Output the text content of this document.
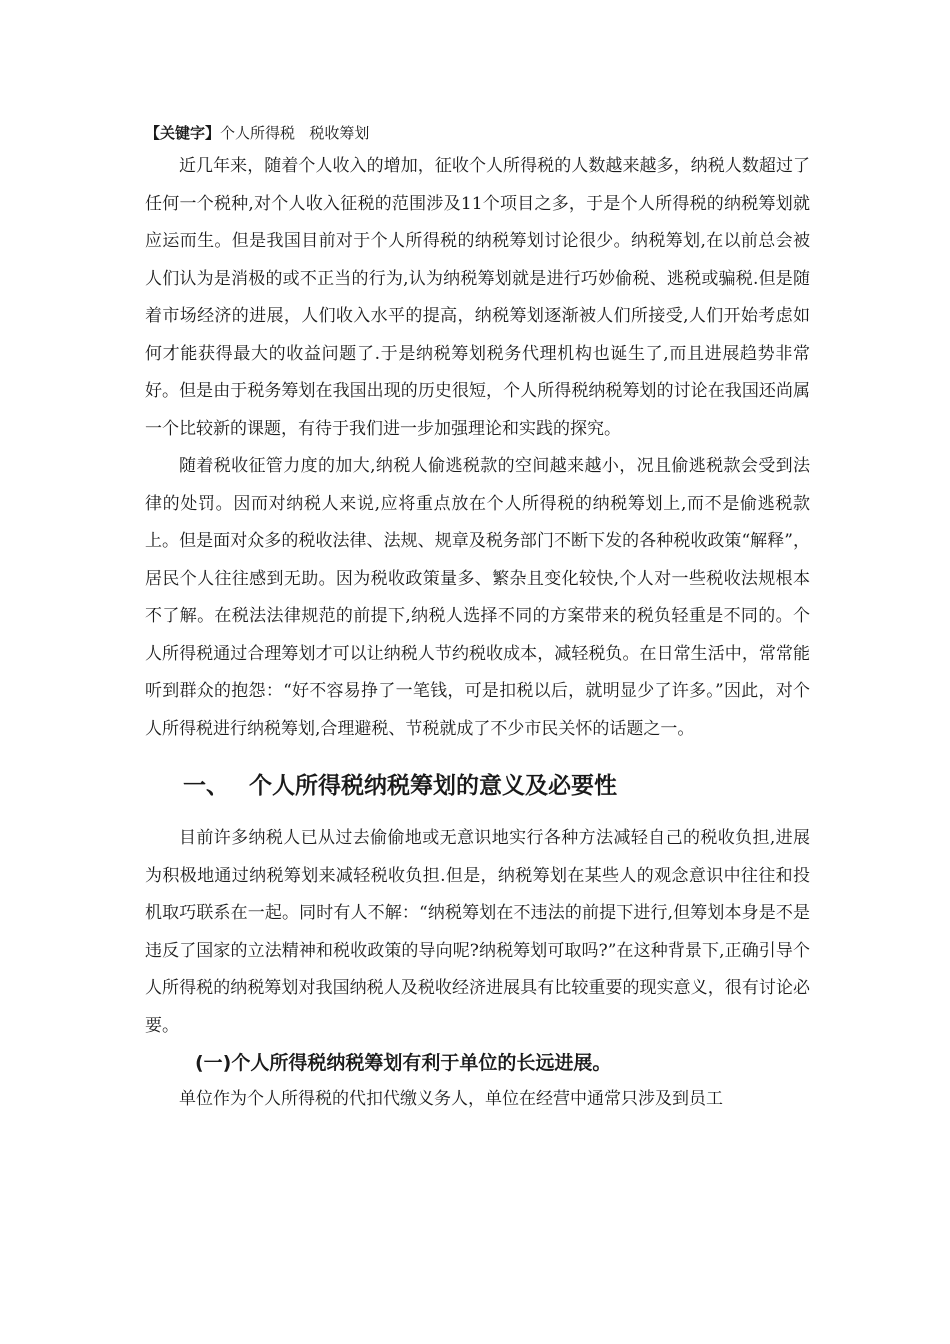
【关键字】个人所得税   税收筹划

近几年来，随着个人收入的增加，征收个人所得税的人数越来越多，纳税人数超过了任何一个税种,对个人收入征税的范围涉及11个项目之多，于是个人所得税的纳税筹划就应运而生。但是我国目前对于个人所得税的纳税筹划讨论很少。纳税筹划,在以前总会被人们认为是消极的或不正当的行为,认为纳税筹划就是进行巧妙偷税、逃税或骗税.但是随着市场经济的进展，人们收入水平的提高，纳税筹划逐渐被人们所接受,人们开始考虑如何才能获得最大的收益问题了.于是纳税筹划税务代理机构也诞生了,而且进展趋势非常好。但是由于税务筹划在我国出现的历史很短，个人所得税纳税筹划的讨论在我国还尚属一个比较新的课题，有待于我们进一步加强理论和实践的探究。

随着税收征管力度的加大,纳税人偷逃税款的空间越来越小，况且偷逃税款会受到法律的处罚。因而对纳税人来说,应将重点放在个人所得税的纳税筹划上,而不是偷逃税款上。但是面对众多的税收法律、法规、规章及税务部门不断下发的各种税收政策“解释”，居民个人往往感到无助。因为税收政策量多、繁杂且变化较快,个人对一些税收法规根本不了解。在税法法律规范的前提下,纳税人选择不同的方案带来的税负轻重是不同的。个人所得税通过合理筹划才可以让纳税人节约税收成本，减轻税负。在日常生活中，常常能听到群众的抱怨：“好不容易挣了一笔钱，可是扣税以后，就明显少了许多。”因此，对个人所得税进行纳税筹划,合理避税、节税就成了不少市民关怀的话题之一。

一、 个人所得税纳税筹划的意义及必要性

目前许多纳税人已从过去偷偷地或无意识地实行各种方法减轻自己的税收负担,进展为积极地通过纳税筹划来减轻税收负担.但是，纳税筹划在某些人的观念意识中往往和投机取巧联系在一起。同时有人不解：“纳税筹划在不违法的前提下进行,但筹划本身是不是违反了国家的立法精神和税收政策的导向呢?纳税筹划可取吗?”在这种背景下,正确引导个人所得税的纳税筹划对我国纳税人及税收经济进展具有比较重要的现实意义，很有讨论必要。

(一)个人所得税纳税筹划有利于单位的长远进展。

单位作为个人所得税的代扣代缴义务人，单位在经营中通常只涉及到员工
